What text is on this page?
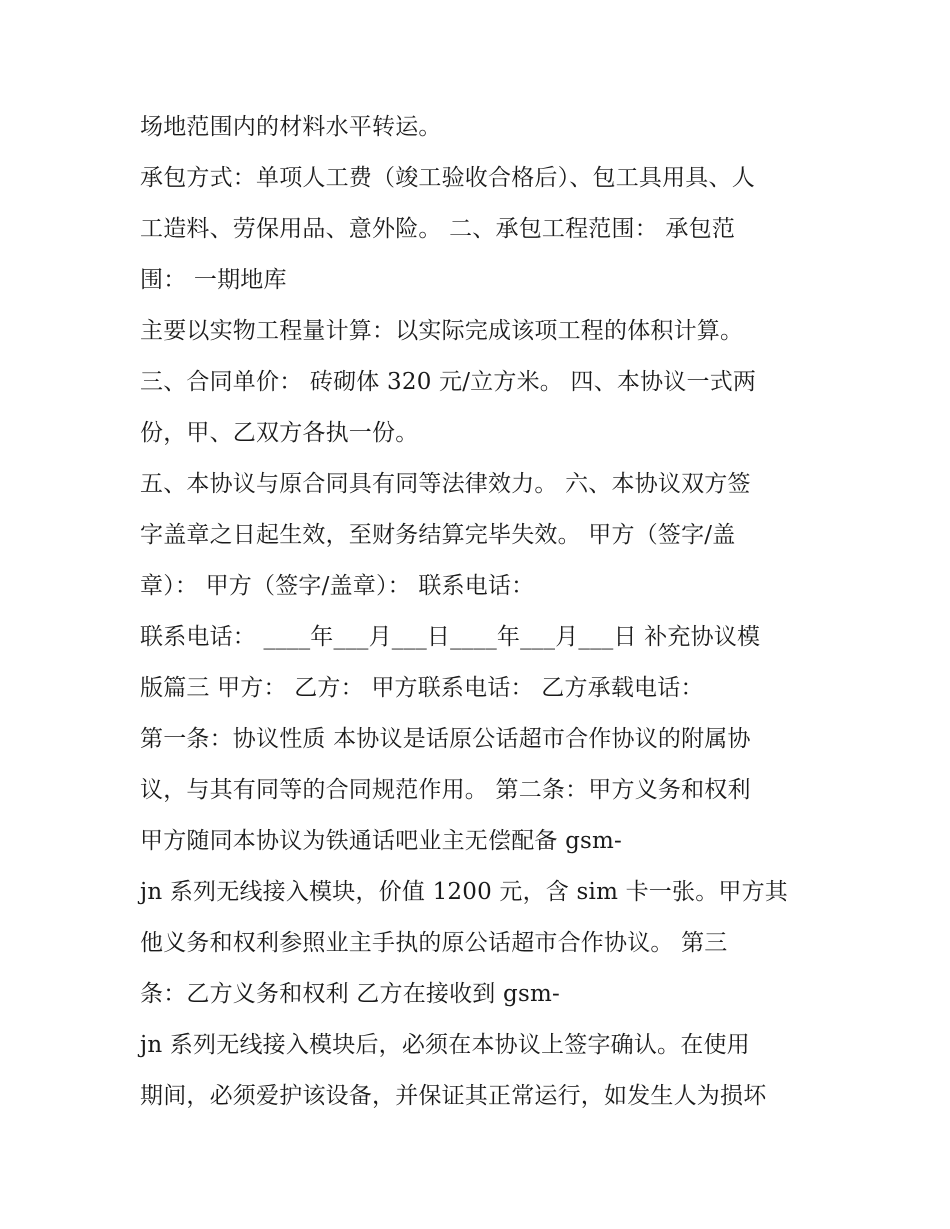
场地范围内的材料水平转运。
承包方式：单项人工费（竣工验收合格后）、包工具用具、人
工造料、劳保用品、意外险。 二、承包工程范围： 承包范
围： 一期地库
主要以实物工程量计算：以实际完成该项工程的体积计算。
三、合同单价： 砖砌体 320 元/立方米。 四、本协议一式两
份，甲、乙双方各执一份。
五、本协议与原合同具有同等法律效力。 六、本协议双方签
字盖章之日起生效，至财务结算完毕失效。 甲方（签字/盖
章）： 甲方（签字/盖章）： 联系电话：
联系电话： ____年___月___日____年___月___日 补充协议模
版篇三 甲方： 乙方： 甲方联系电话： 乙方承载电话：
第一条：协议性质 本协议是话原公话超市合作协议的附属协
议，与其有同等的合同规范作用。 第二条：甲方义务和权利
甲方随同本协议为铁通话吧业主无偿配备 gsm-
jn 系列无线接入模块，价值 1200 元，含 sim 卡一张。甲方其
他义务和权利参照业主手执的原公话超市合作协议。 第三
条：乙方义务和权利 乙方在接收到 gsm-
jn 系列无线接入模块后，必须在本协议上签字确认。在使用
期间，必须爱护该设备，并保证其正常运行，如发生人为损坏
